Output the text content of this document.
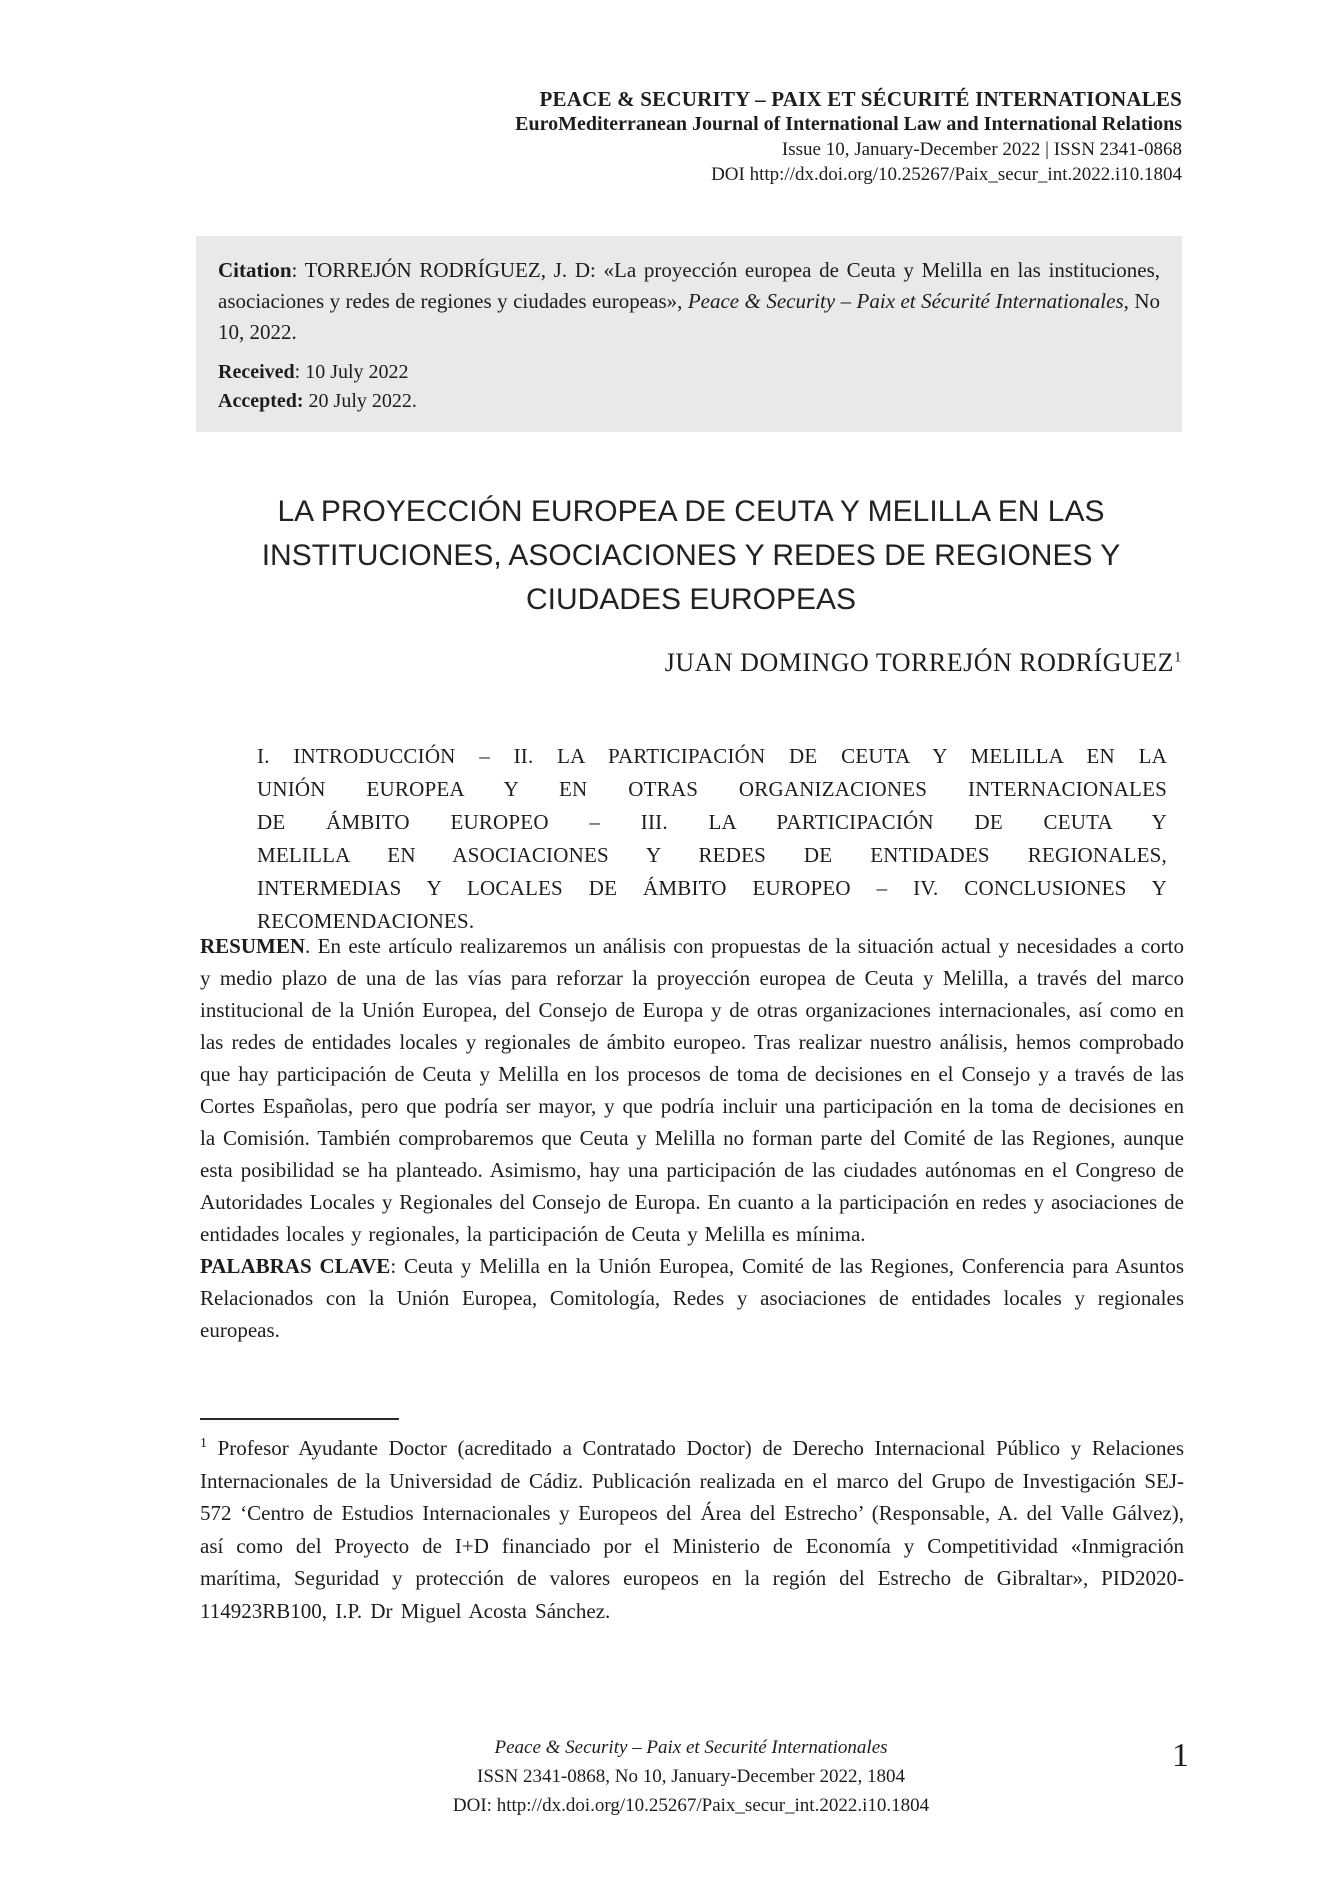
PEACE & SECURITY – PAIX ET SÉCURITÉ INTERNATIONALES
EuroMediterranean Journal of International Law and International Relations
Issue 10, January-December 2022 | ISSN 2341-0868
DOI http://dx.doi.org/10.25267/Paix_secur_int.2022.i10.1804

Citation: TORREJÓN RODRÍGUEZ, J. D: «La proyección europea de Ceuta y Melilla en las instituciones, asociaciones y redes de regiones y ciudades europeas», Peace & Security – Paix et Sécurité Internationales, No 10, 2022.

Received: 10 July 2022

Accepted: 20 July 2022.

LA PROYECCIÓN EUROPEA DE CEUTA Y MELILLA EN LAS INSTITUCIONES, ASOCIACIONES Y REDES DE REGIONES Y CIUDADES EUROPEAS
JUAN DOMINGO TORREJÓN RODRÍGUEZ$^1$
I. INTRODUCCIÓN – II. LA PARTICIPACIÓN DE CEUTA Y MELILLA EN LA
UNIÓN EUROPEA Y EN OTRAS ORGANIZACIONES INTERNACIONALES
DE ÁMBITO EUROPEO – III. LA PARTICIPACIÓN DE CEUTA Y
MELILLA EN ASOCIACIONES Y REDES DE ENTIDADES REGIONALES,
INTERMEDIAS Y LOCALES DE ÁMBITO EUROPEO – IV. CONCLUSIONES Y
RECOMENDACIONES.

RESUMEN. En este artículo realizaremos un análisis con propuestas de la situación actual y necesidades a corto y medio plazo de una de las vías para reforzar la proyección europea de Ceuta y Melilla, a través del marco institucional de la Unión Europea, del Consejo de Europa y de otras organizaciones internacionales, así como en las redes de entidades locales y regionales de ámbito europeo. Tras realizar nuestro análisis, hemos comprobado que hay participación de Ceuta y Melilla en los procesos de toma de decisiones en el Consejo y a través de las Cortes Españolas, pero que podría ser mayor, y que podría incluir una participación en la toma de decisiones en la Comisión. También comprobaremos que Ceuta y Melilla no forman parte del Comité de las Regiones, aunque esta posibilidad se ha planteado. Asimismo, hay una participación de las ciudades autónomas en el Congreso de Autoridades Locales y Regionales del Consejo de Europa. En cuanto a la participación en redes y asociaciones de entidades locales y regionales, la participación de Ceuta y Melilla es mínima.

PALABRAS CLAVE: Ceuta y Melilla en la Unión Europea, Comité de las Regiones, Conferencia para Asuntos Relacionados con la Unión Europea, Comitología, Redes y asociaciones de entidades locales y regionales europeas.

$^1$ Profesor Ayudante Doctor (acreditado a Contratado Doctor) de Derecho Internacional Público y Relaciones Internacionales de la Universidad de Cádiz. Publicación realizada en el marco del Grupo de Investigación SEJ-572 ‘Centro de Estudios Internacionales y Europeos del Área del Estrecho’ (Responsable, A. del Valle Gálvez), así como del Proyecto de I+D financiado por el Ministerio de Economía y Competitividad «Inmigración marítima, Seguridad y protección de valores europeos en la región del Estrecho de Gibraltar», PID2020-114923RB100, I.P. Dr Miguel Acosta Sánchez.

Peace & Security – Paix et Securité Internationales
ISSN 2341-0868, No 10, January-December 2022, 1804
DOI: http://dx.doi.org/10.25267/Paix_secur_int.2022.i10.1804
1
